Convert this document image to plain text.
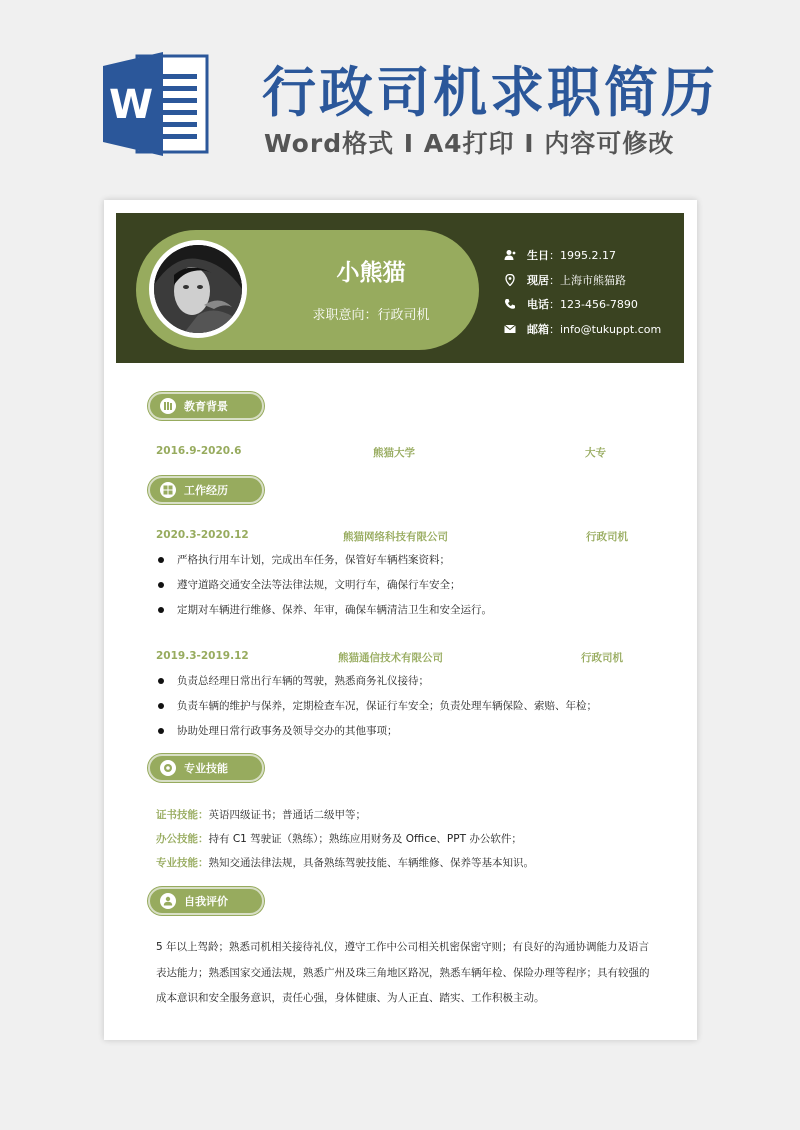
W 行政司机求职简历
Word格式 I A4打印 I 内容可修改
小熊猫
求职意向：行政司机
生日 ：1995.2.17
现居 ：上海市熊猫路
电话 ：123-456-7890
邮箱 ：info@tukuppt.com
教育背景
2016.9-2020.6	熊猫大学	大专
工作经历
2020.3-2020.12	熊猫网络科技有限公司	行政司机
严格执行用车计划，完成出车任务，保管好车辆档案资料；
遵守道路交通安全法等法律法规，文明行车，确保行车安全；
定期对车辆进行维修、保养、年审，确保车辆清洁卫生和安全运行。
2019.3-2019.12	熊猫通信技术有限公司	行政司机
负责总经理日常出行车辆的驾驶，熟悉商务礼仪接待；
负责车辆的维护与保养，定期检查车况，保证行车安全；负责处理车辆保险、索赔、年检；
协助处理日常行政事务及领导交办的其他事项；
专业技能
证书技能：英语四级证书；普通话二级甲等；
办公技能：持有 C1 驾驶证（熟练）；熟练应用财务及 Office、PPT 办公软件；
专业技能：熟知交通法律法规，具备熟练驾驶技能、车辆维修、保养等基本知识。
自我评价
5 年以上驾龄；熟悉司机相关接待礼仪，遵守工作中公司相关机密保密守则；有良好的沟通协调能力及语言表达能力；熟悉国家交通法规，熟悉广州及珠三角地区路况，熟悉车辆年检、保险办理等程序；具有较强的成本意识和安全服务意识，责任心强，身体健康、为人正直、踏实、工作积极主动。
